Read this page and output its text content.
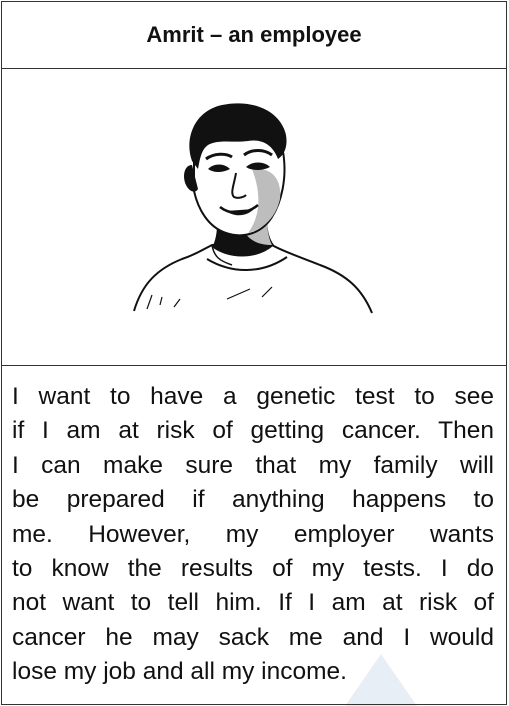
Amrit – an employee

I want to have a genetic test to see
if I am at risk of getting cancer. Then
I can make sure that my family will
be prepared if anything happens to
me. However, my employer wants
to know the results of my tests. I do
not want to tell him. If I am at risk of
cancer he may sack me and I would
lose my job and all my income.
